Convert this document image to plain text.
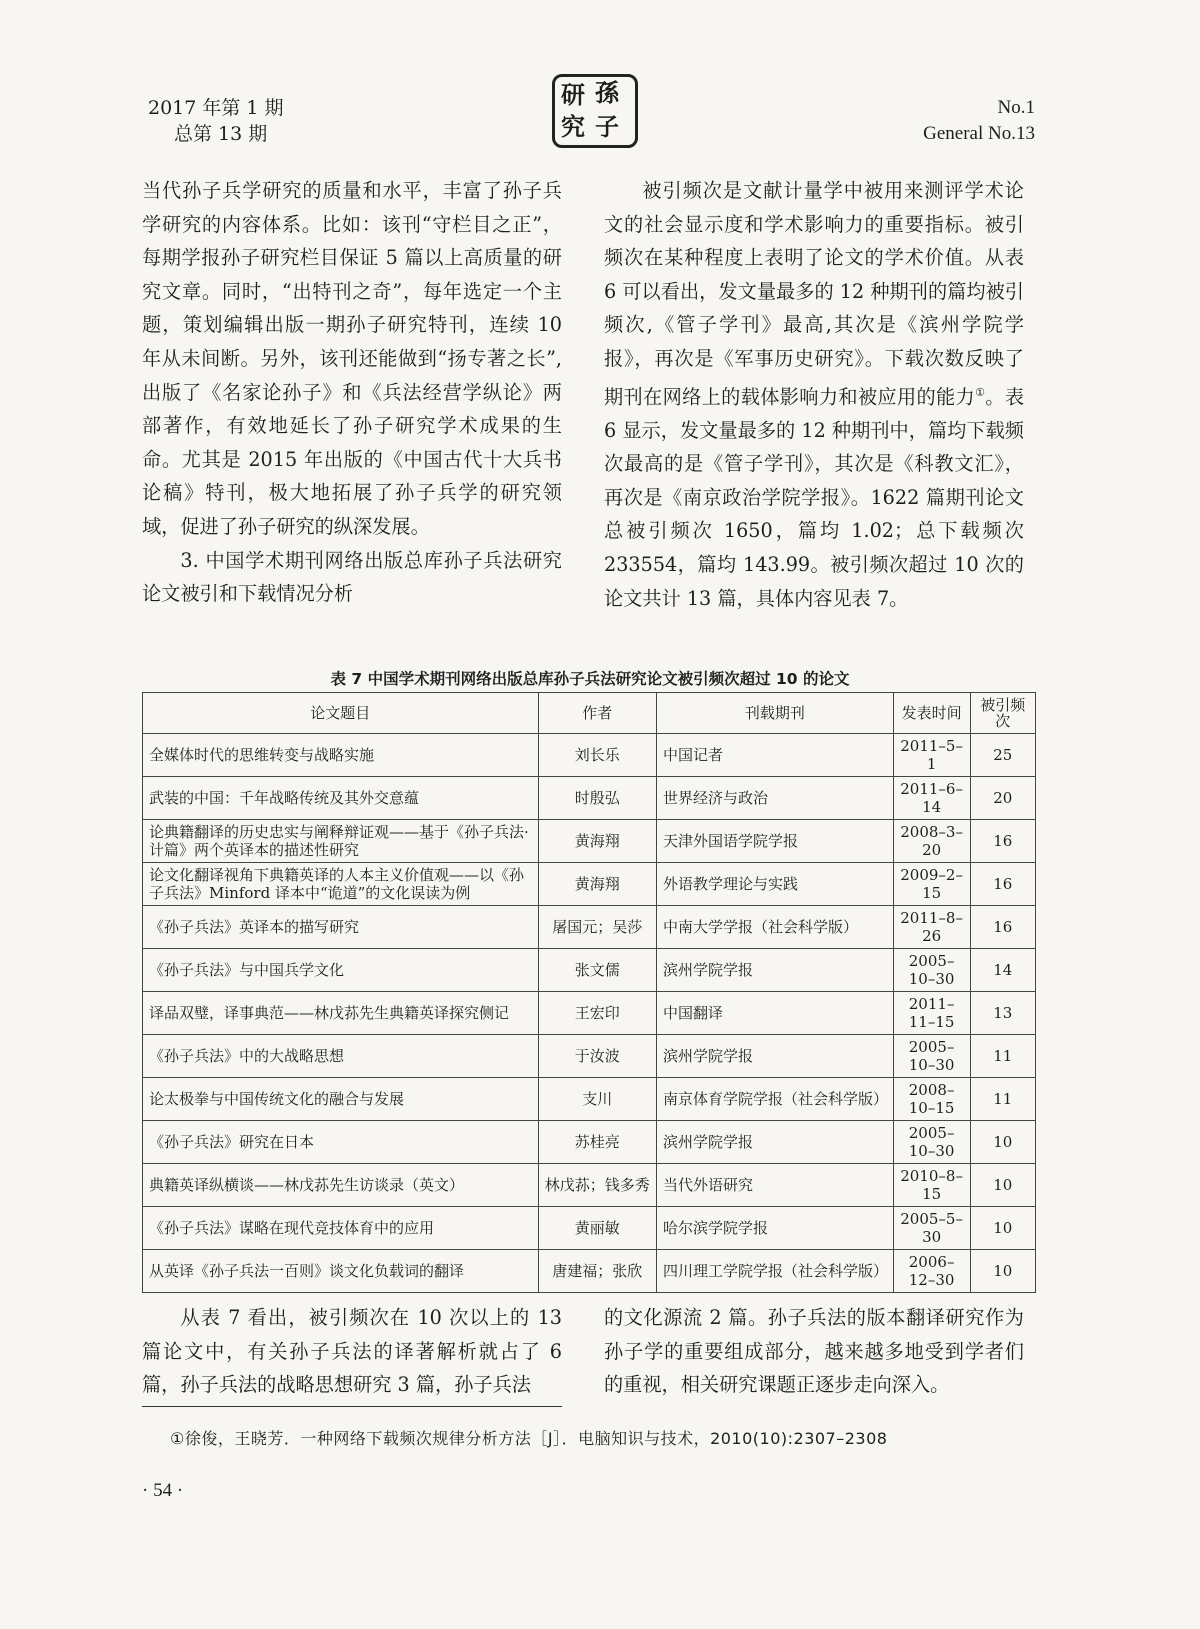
2017 年第 1 期
总第 13 期
研 孫
究 子
No.1
General No.13

当代孙子兵学研究的质量和水平，丰富了孙子兵学研究的内容体系。比如：该刊“守栏目之正”，每期学报孙子研究栏目保证 5 篇以上高质量的研究文章。同时，“出特刊之奇”，每年选定一个主题，策划编辑出版一期孙子研究特刊，连续 10 年从未间断。另外，该刊还能做到“扬专著之长”,出版了《名家论孙子》和《兵法经营学纵论》两部著作，有效地延长了孙子研究学术成果的生命。尤其是 2015 年出版的《中国古代十大兵书论稿》特刊，极大地拓展了孙子兵学的研究领域，促进了孙子研究的纵深发展。

3. 中国学术期刊网络出版总库孙子兵法研究论文被引和下载情况分析

被引频次是文献计量学中被用来测评学术论文的社会显示度和学术影响力的重要指标。被引频次在某种程度上表明了论文的学术价值。从表 6 可以看出，发文量最多的 12 种期刊的篇均被引频次,《管子学刊》最高,其次是《滨州学院学报》，再次是《军事历史研究》。下载次数反映了期刊在网络上的载体影响力和被应用的能力①。表 6 显示，发文量最多的 12 种期刊中，篇均下载频次最高的是《管子学刊》，其次是《科教文汇》，再次是《南京政治学院学报》。1622 篇期刊论文总被引频次 1650，篇均 1.02；总下载频次 233554，篇均 143.99。被引频次超过 10 次的论文共计 13 篇，具体内容见表 7。

表 7 中国学术期刊网络出版总库孙子兵法研究论文被引频次超过 10 的论文
论文题目	作者	刊载期刊	发表时间	被引频次
全媒体时代的思维转变与战略实施	刘长乐	中国记者	2011–5–1	25
武装的中国：千年战略传统及其外交意蕴	时殷弘	世界经济与政治	2011–6–14	20
论典籍翻译的历史忠实与阐释辩证观——基于《孙子兵法·计篇》两个英译本的描述性研究	黄海翔	天津外国语学院学报	2008–3–20	16
论文化翻译视角下典籍英译的人本主义价值观——以《孙子兵法》Minford 译本中“诡道”的文化误读为例	黄海翔	外语教学理论与实践	2009–2–15	16
《孙子兵法》英译本的描写研究	屠国元；吴莎	中南大学学报（社会科学版）	2011–8–26	16
《孙子兵法》与中国兵学文化	张文儒	滨州学院学报	2005–10–30	14
译品双璧，译事典范——林戊荪先生典籍英译探究侧记	王宏印	中国翻译	2011–11–15	13
《孙子兵法》中的大战略思想	于汝波	滨州学院学报	2005–10–30	11
论太极拳与中国传统文化的融合与发展	支川	南京体育学院学报（社会科学版）	2008–10–15	11
《孙子兵法》研究在日本	苏桂亮	滨州学院学报	2005–10–30	10
典籍英译纵横谈——林戊荪先生访谈录（英文）	林戊荪；钱多秀	当代外语研究	2010–8–15	10
《孙子兵法》谋略在现代竞技体育中的应用	黄丽敏	哈尔滨学院学报	2005–5–30	10
从英译《孙子兵法一百则》谈文化负载词的翻译	唐建福；张欣	四川理工学院学报（社会科学版）	2006–12–30	10

从表 7 看出，被引频次在 10 次以上的 13 篇论文中，有关孙子兵法的译著解析就占了 6 篇，孙子兵法的战略思想研究 3 篇，孙子兵法

的文化源流 2 篇。孙子兵法的版本翻译研究作为孙子学的重要组成部分，越来越多地受到学者们的重视，相关研究课题正逐步走向深入。

①徐俊，王晓芳．一种网络下载频次规律分析方法［J］．电脑知识与技术，2010(10):2307–2308
· 54 ·
